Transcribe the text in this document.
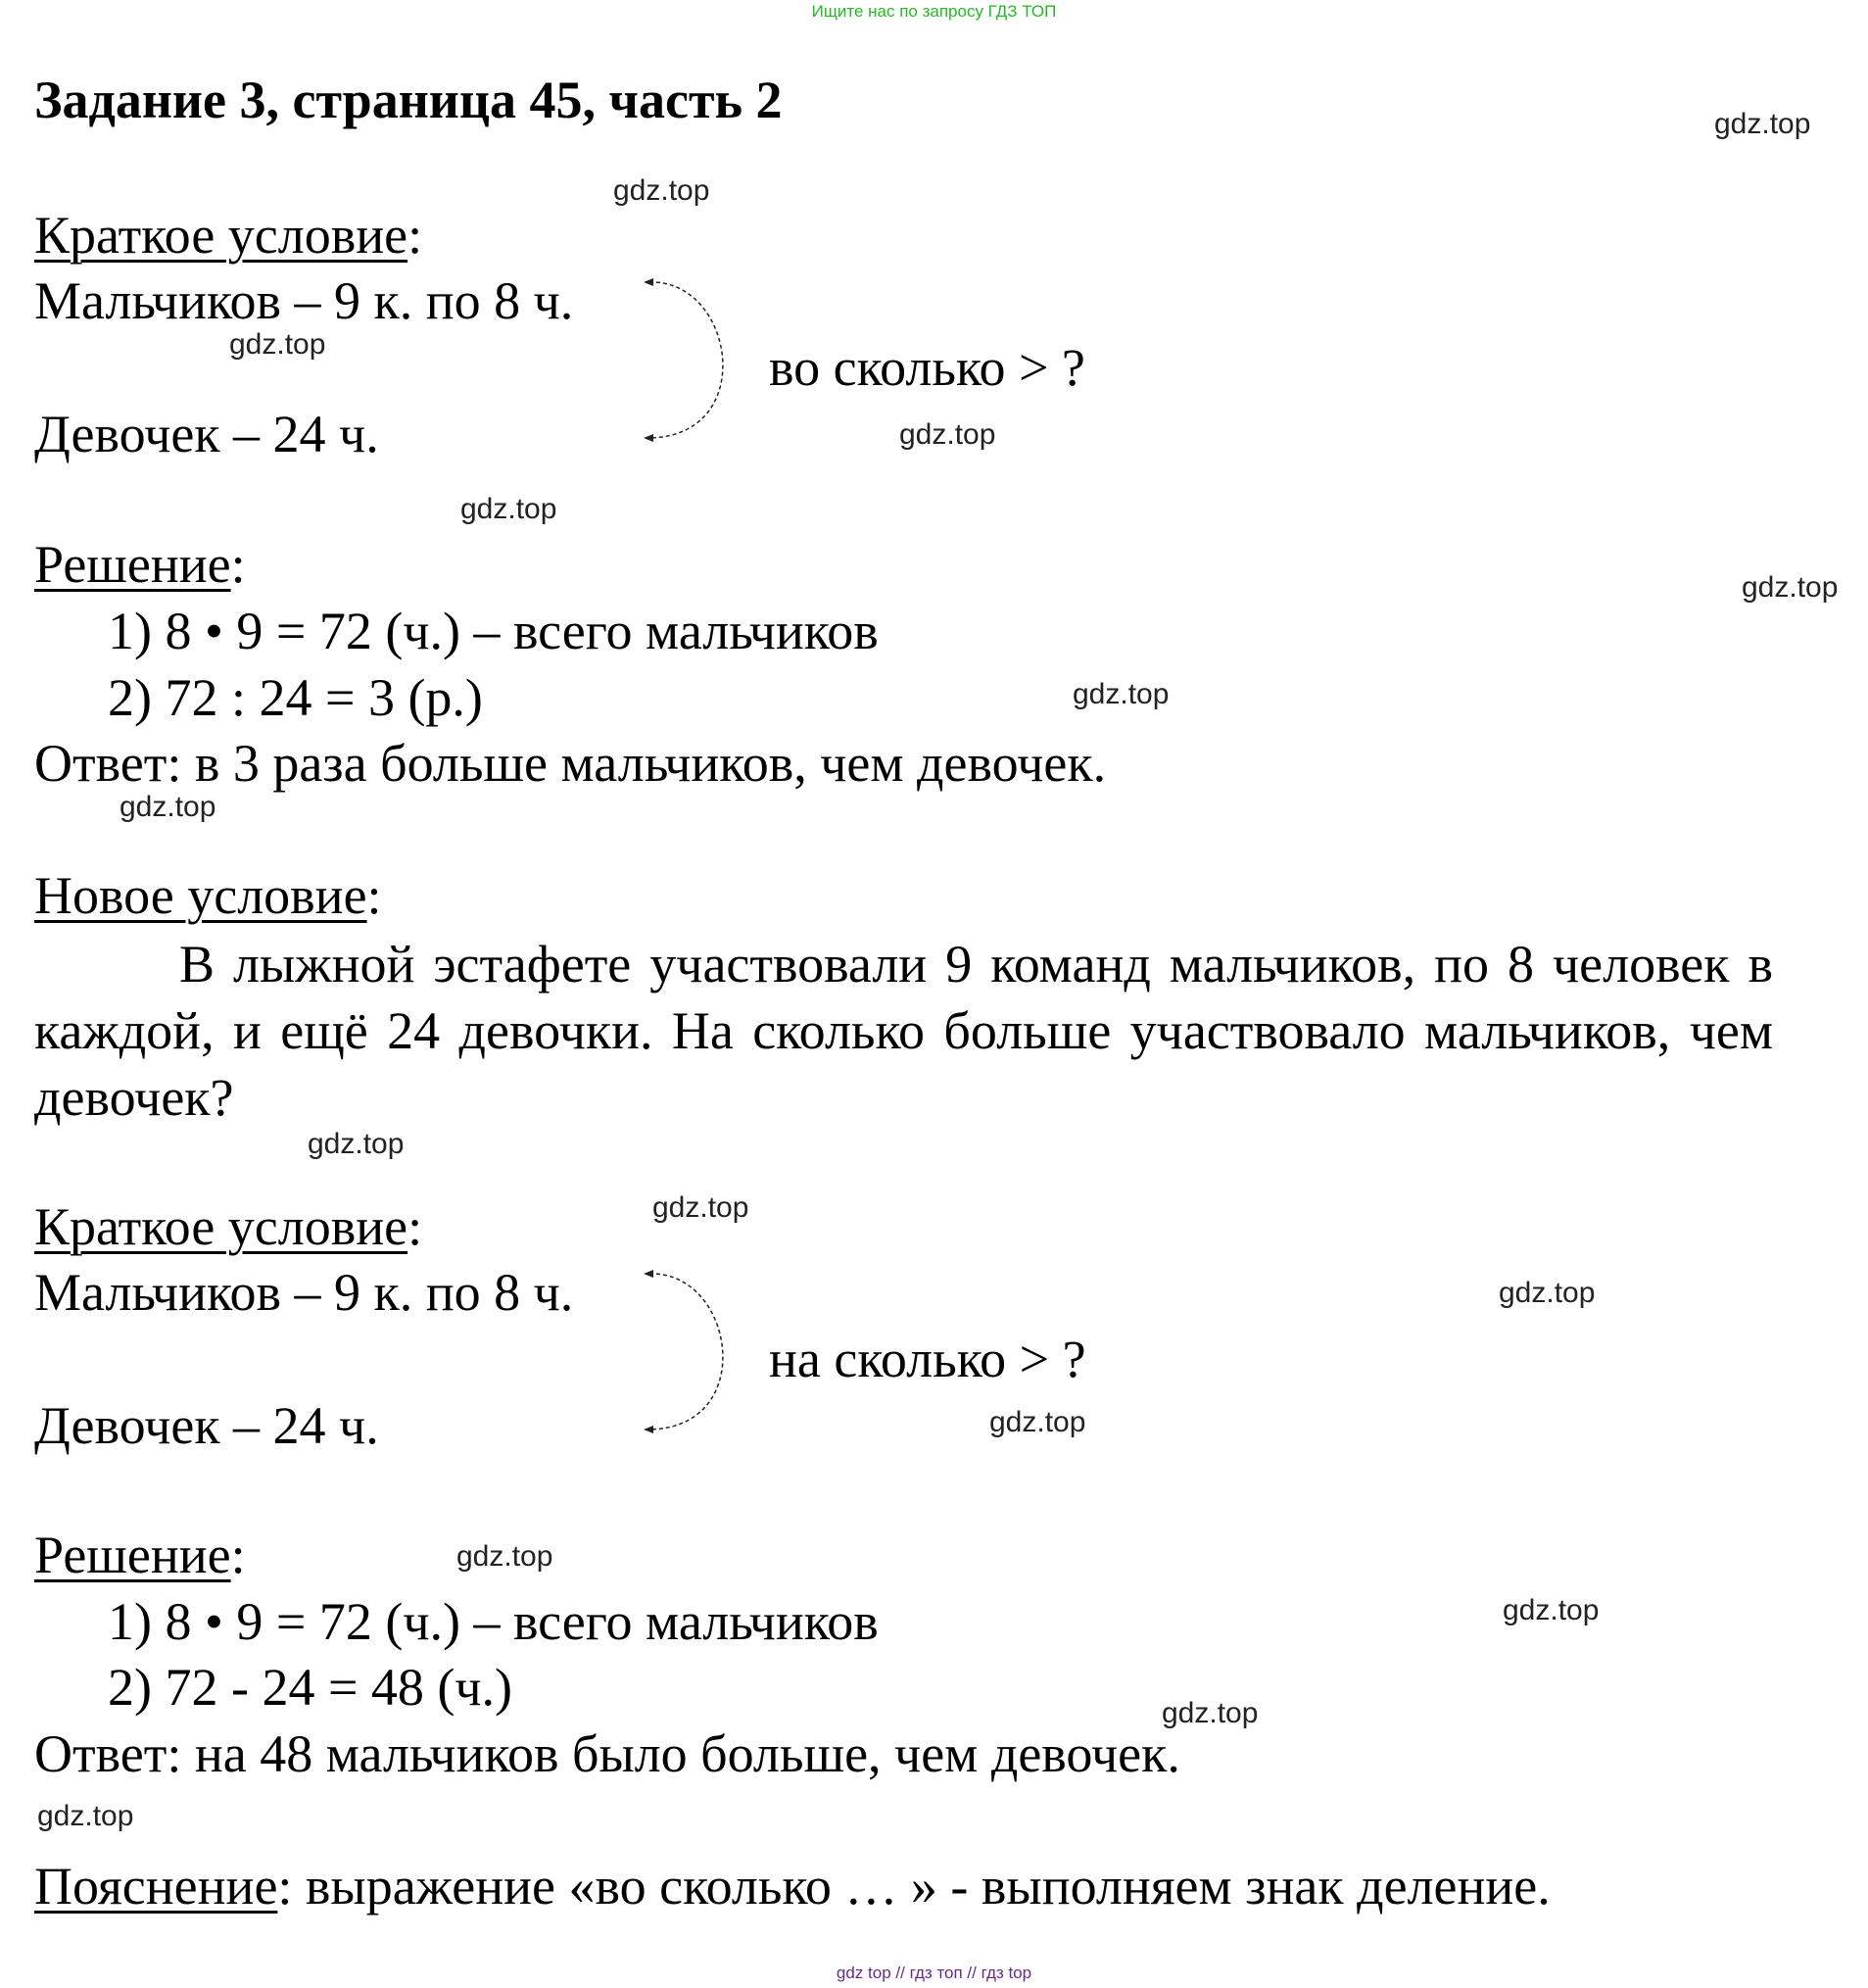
Ищите нас по запросу ГДЗ ТОП
Задание 3, страница 45, часть 2
Краткое условие:
Мальчиков – 9 к. по 8 ч.
во сколько > ?
Девочек – 24 ч.
Решение:
1) 8 • 9 = 72 (ч.) – всего мальчиков
2) 72 : 24 = 3 (р.)
Ответ: в 3 раза больше мальчиков, чем девочек.
Новое условие:
В лыжной эстафете участвовали 9 команд мальчиков, по 8 человек в каждой, и ещё 24 девочки. На сколько больше участвовало мальчиков, чем девочек?
Краткое условие:
Мальчиков – 9 к. по 8 ч.
на сколько > ?
Девочек – 24 ч.
Решение:
1) 8 • 9 = 72 (ч.) – всего мальчиков
2) 72 - 24 = 48 (ч.)
Ответ: на 48 мальчиков было больше, чем девочек.
Пояснение: выражение «во сколько … » - выполняем знак деление.
gdz.top
gdz.top
gdz.top
gdz.top
gdz.top
gdz.top
gdz.top
gdz.top
gdz.top
gdz.top
gdz.top
gdz.top
gdz.top
gdz.top
gdz.top
gdz.top
gdz top // гдз топ // гдз top
